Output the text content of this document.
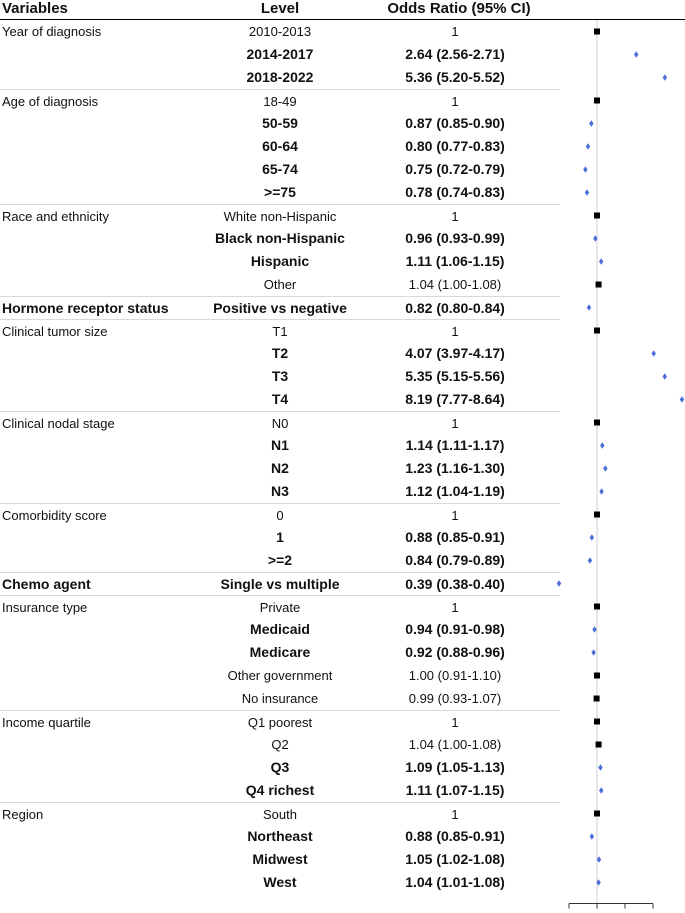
Variables	Level	Odds Ratio (95% CI)
Year of diagnosis	2010-2013	1
2014-2017	2.64 (2.56-2.71)
2018-2022	5.36 (5.20-5.52)
Age of diagnosis	18-49	1
50-59	0.87 (0.85-0.90)
60-64	0.80 (0.77-0.83)
65-74	0.75 (0.72-0.79)
>=75	0.78 (0.74-0.83)
Race and ethnicity	White non-Hispanic	1
Black non-Hispanic	0.96 (0.93-0.99)
Hispanic	1.11 (1.06-1.15)
Other	1.04 (1.00-1.08)
Hormone receptor status	Positive vs negative	0.82 (0.80-0.84)
Clinical tumor size	T1	1
T2	4.07 (3.97-4.17)
T3	5.35 (5.15-5.56)
T4	8.19 (7.77-8.64)
Clinical nodal stage	N0	1
N1	1.14 (1.11-1.17)
N2	1.23 (1.16-1.30)
N3	1.12 (1.04-1.19)
Comorbidity score	0	1
1	0.88 (0.85-0.91)
>=2	0.84 (0.79-0.89)
Chemo agent	Single vs multiple	0.39 (0.38-0.40)
Insurance type	Private	1
Medicaid	0.94 (0.91-0.98)
Medicare	0.92 (0.88-0.96)
Other government	1.00 (0.91-1.10)
No insurance	0.99 (0.93-1.07)
Income quartile	Q1 poorest	1
Q2	1.04 (1.00-1.08)
Q3	1.09 (1.05-1.13)
Q4 richest	1.11 (1.07-1.15)
Region	South	1
Northeast	0.88 (0.85-0.91)
Midwest	1.05 (1.02-1.08)
West	1.04 (1.01-1.08)
